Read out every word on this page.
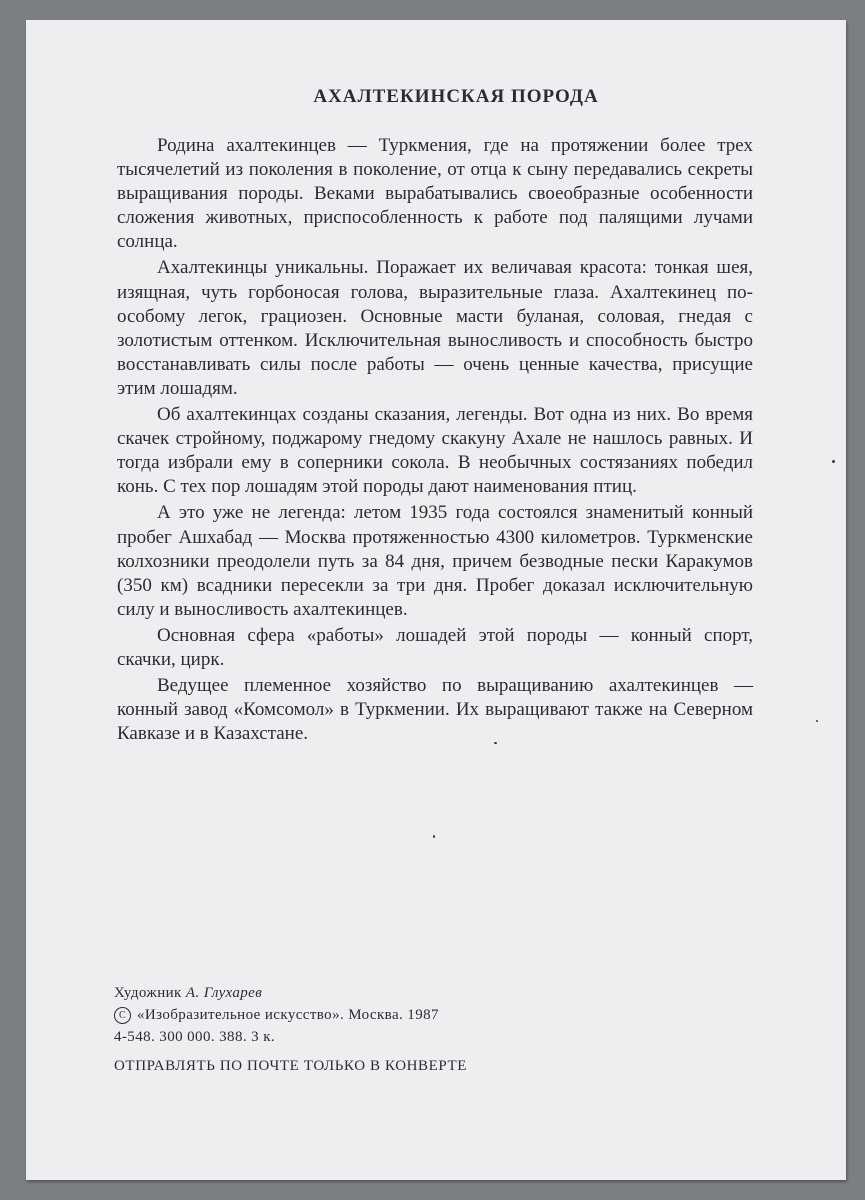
АХАЛТЕКИНСКАЯ ПОРОДА

Родина ахалтекинцев — Туркмения, где на протяжении более трех тысячелетий из поколения в поколение, от отца к сыну передавались секреты выращивания породы. Веками вырабатывались своеобразные особенности сложения животных, приспособленность к работе под палящими лучами солнца.

Ахалтекинцы уникальны. Поражает их величавая красота: тонкая шея, изящная, чуть горбоносая голова, выразительные глаза. Ахалтекинец по-особому легок, грациозен. Основные масти буланая, соловая, гнедая с золотистым оттенком. Исключительная выносливость и способность быстро восстанавливать силы после работы — очень ценные качества, присущие этим лошадям.

Об ахалтекинцах созданы сказания, легенды. Вот одна из них. Во время скачек стройному, поджарому гнедому скакуну Ахале не нашлось равных. И тогда избрали ему в соперники сокола. В необычных состязаниях победил конь. С тех пор лошадям этой породы дают наименования птиц.

А это уже не легенда: летом 1935 года состоялся знаменитый конный пробег Ашхабад — Москва протяженностью 4300 километров. Туркменские колхозники преодолели путь за 84 дня, причем безводные пески Каракумов (350 км) всадники пересекли за три дня. Пробег доказал исключительную силу и выносливость ахалтекинцев.

Основная сфера «работы» лошадей этой породы — конный спорт, скачки, цирк.

Ведущее племенное хозяйство по выращиванию ахалтекинцев — конный завод «Комсомол» в Туркмении. Их выращивают также на Северном Кавказе и в Казахстане.

Художник А. Глухарев
C «Изобразительное искусство». Москва. 1987
4-548. 300 000. 388. 3 к.
ОТПРАВЛЯТЬ ПО ПОЧТЕ ТОЛЬКО В КОНВЕРТЕ
